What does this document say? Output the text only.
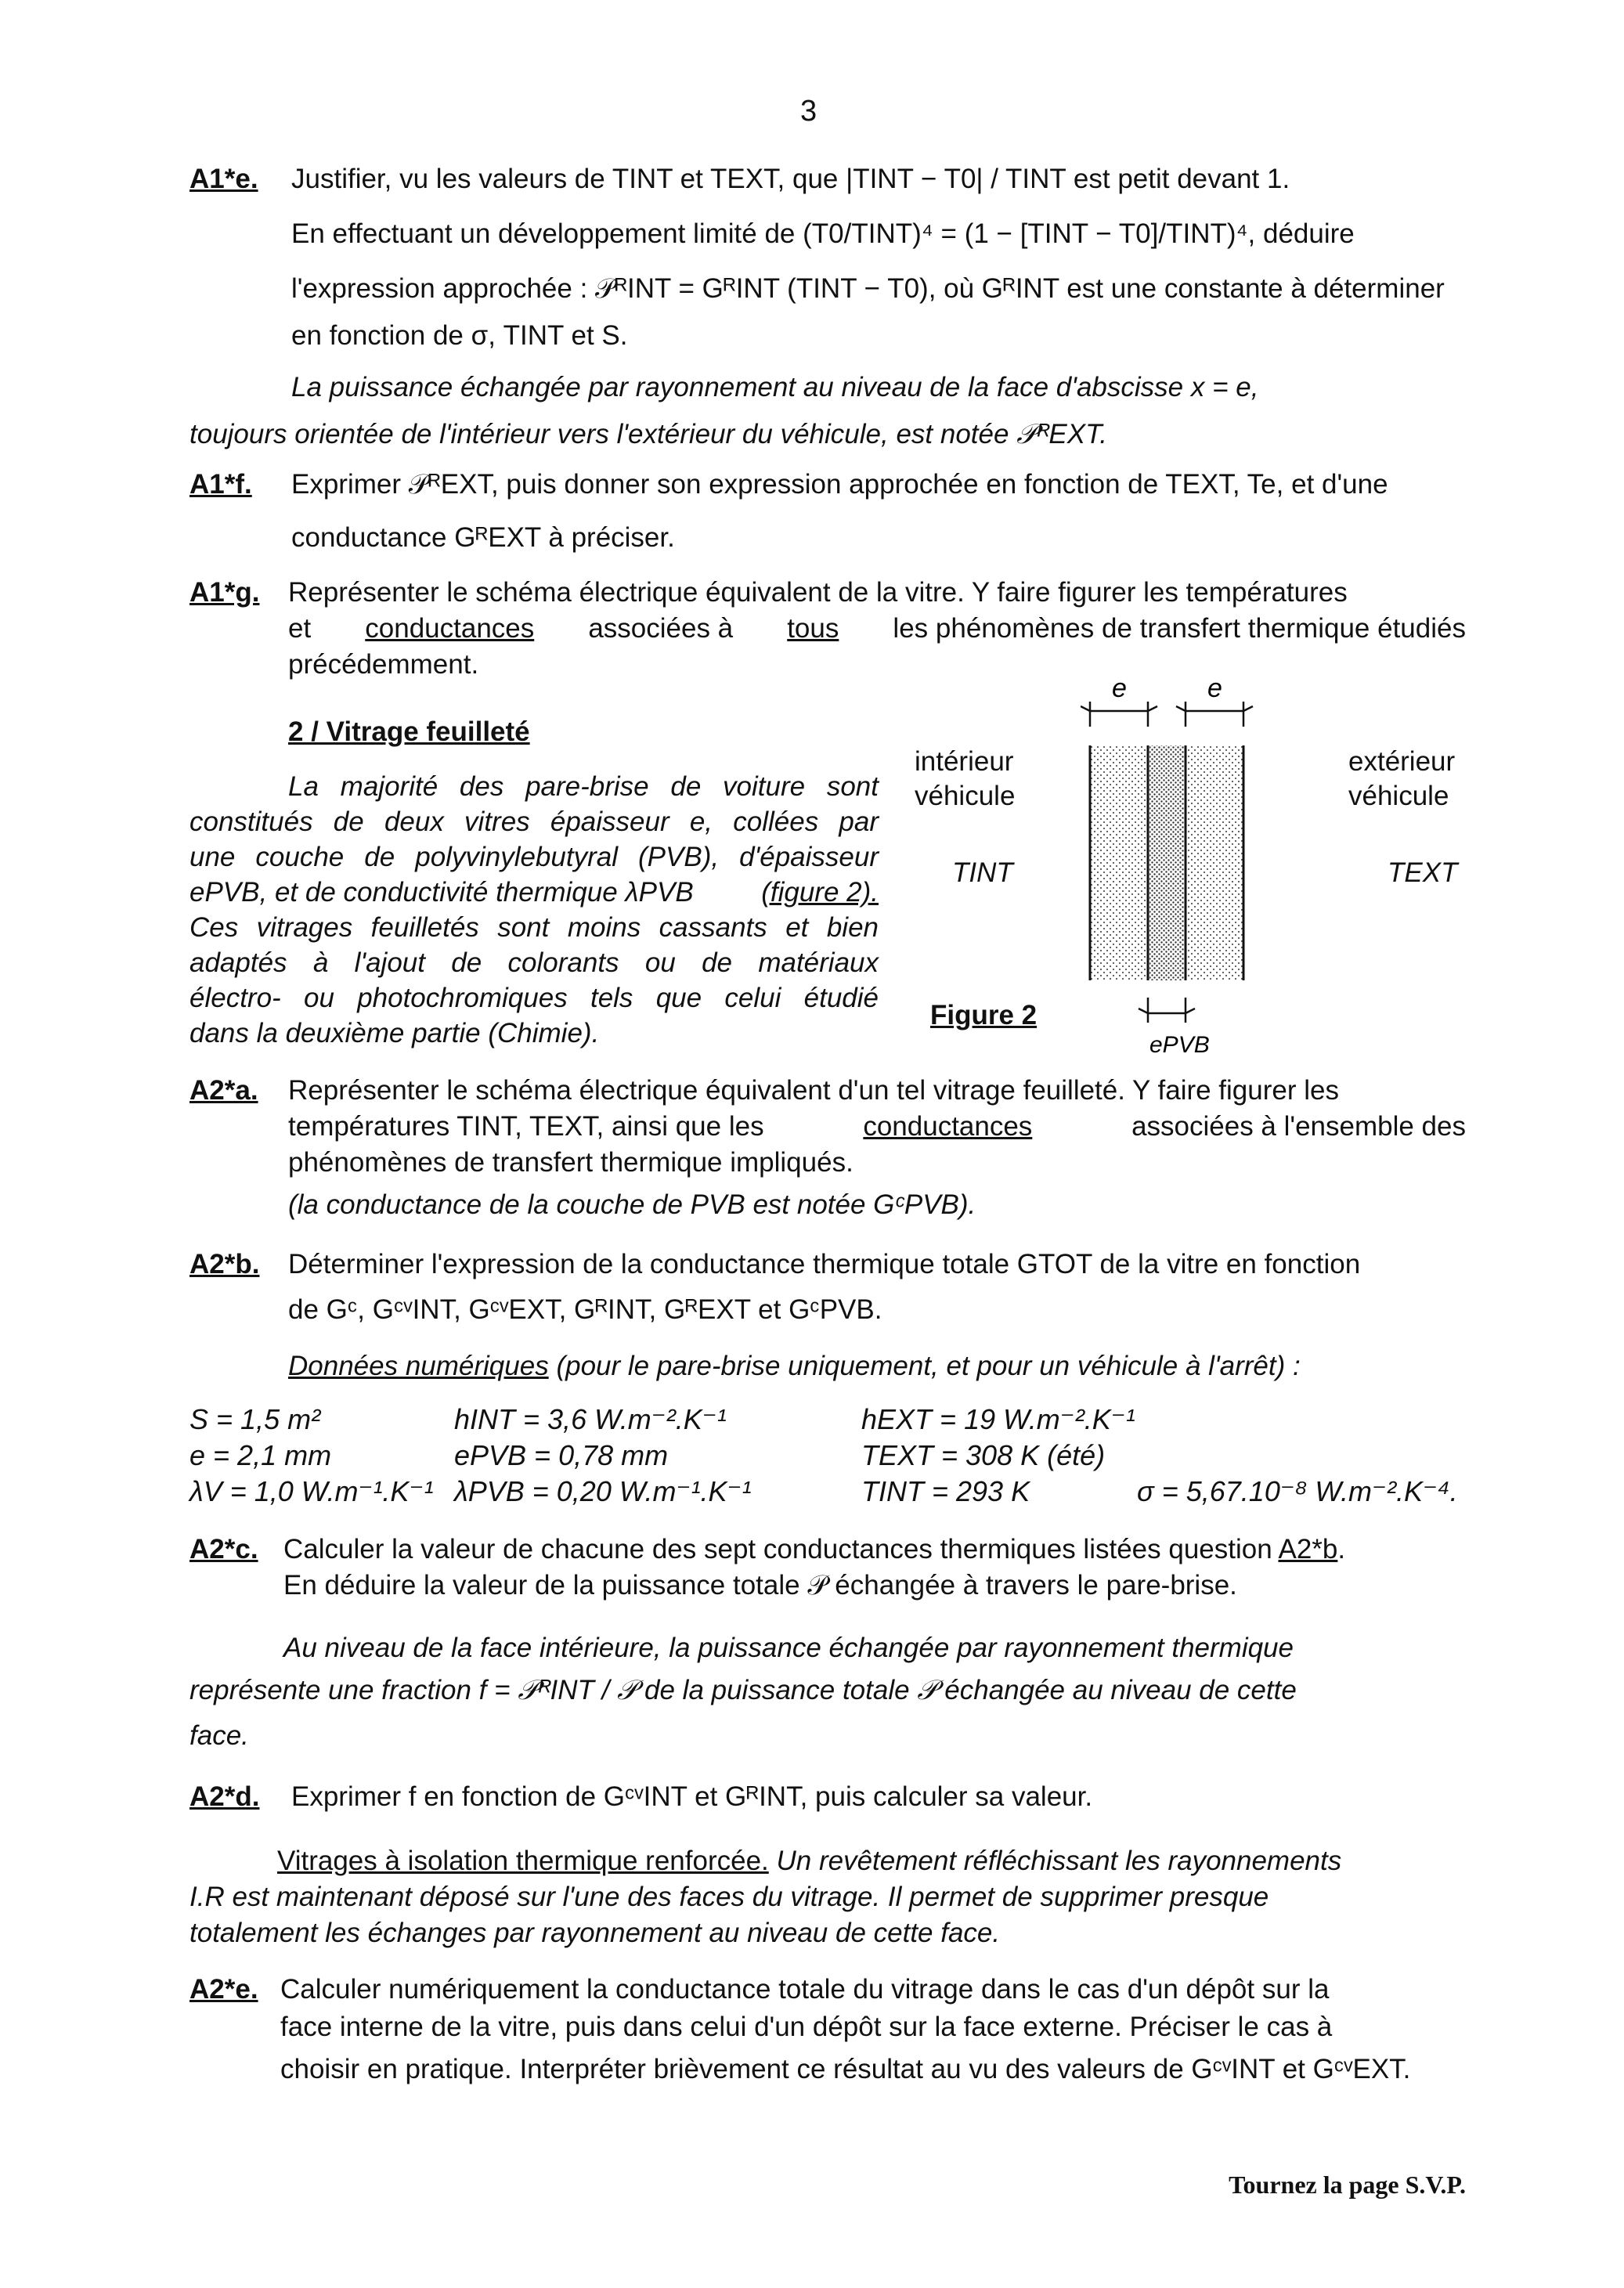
3
A1*e. Justifier, vu les valeurs de TINT et TEXT, que |TINT − T0| / TINT est petit devant 1.
En effectuant un développement limité de (T0/TINT)⁴ = (1 − [TINT − T0]/TINT)⁴, déduire
l'expression approchée : 𝒫ᴿINT = GᴿINT (TINT − T0), où GᴿINT est une constante à déterminer
en fonction de σ, TINT et S.
La puissance échangée par rayonnement au niveau de la face d'abscisse x = e,
toujours orientée de l'intérieur vers l'extérieur du véhicule, est notée 𝒫ᴿEXT.
A1*f. Exprimer 𝒫ᴿEXT, puis donner son expression approchée en fonction de TEXT, Te, et d'une
conductance GᴿEXT à préciser.
A1*g. Représenter le schéma électrique équivalent de la vitre. Y faire figurer les températures
et conductances associées à tous les phénomènes de transfert thermique étudiés
précédemment.
2 / Vitrage feuilleté
La majorité des pare-brise de voiture sont
constitués de deux vitres épaisseur e, collées par
une couche de polyvinylebutyral (PVB), d'épaisseur
ePVB, et de conductivité thermique λPVB (figure 2).
Ces vitrages feuilletés sont moins cassants et bien
adaptés à l'ajout de colorants ou de matériaux
électro- ou photochromiques tels que celui étudié
dans la deuxième partie (Chimie).
intérieur
véhicule
TINT
extérieur
véhicule
TEXT
Figure 2
e	e
ePVB
A2*a. Représenter le schéma électrique équivalent d'un tel vitrage feuilleté. Y faire figurer les
températures TINT, TEXT, ainsi que les	conductances	associées à l'ensemble des
phénomènes de transfert thermique impliqués.
(la conductance de la couche de PVB est notée GᶜPVB).
A2*b. Déterminer l'expression de la conductance thermique totale GTOT de la vitre en fonction
de Gᶜ, GᶜᵛINT, GᶜᵛEXT, GᴿINT, GᴿEXT et GᶜPVB.
Données numériques (pour le pare-brise uniquement, et pour un véhicule à l'arrêt) :
S = 1,5 m²	hINT = 3,6 W.m⁻².K⁻¹	hEXT = 19 W.m⁻².K⁻¹
e = 2,1 mm	ePVB = 0,78 mm	TEXT = 308 K (été)
λV = 1,0 W.m⁻¹.K⁻¹ λPVB = 0,20 W.m⁻¹.K⁻¹	TINT = 293 K	σ = 5,67.10⁻⁸ W.m⁻².K⁻⁴.
A2*c. Calculer la valeur de chacune des sept conductances thermiques listées question A2*b.
En déduire la valeur de la puissance totale 𝒫 échangée à travers le pare-brise.
Au niveau de la face intérieure, la puissance échangée par rayonnement thermique
représente une fraction f = 𝒫ᴿINT / 𝒫 de la puissance totale 𝒫 échangée au niveau de cette
face.
A2*d. Exprimer f en fonction de GᶜᵛINT et GᴿINT, puis calculer sa valeur.
Vitrages à isolation thermique renforcée. Un revêtement réfléchissant les rayonnements
I.R est maintenant déposé sur l'une des faces du vitrage. Il permet de supprimer presque
totalement les échanges par rayonnement au niveau de cette face.
A2*e. Calculer numériquement la conductance totale du vitrage dans le cas d'un dépôt sur la
face interne de la vitre, puis dans celui d'un dépôt sur la face externe. Préciser le cas à
choisir en pratique. Interpréter brièvement ce résultat au vu des valeurs de GᶜᵛINT et GᶜᵛEXT.
Tournez la page S.V.P.
